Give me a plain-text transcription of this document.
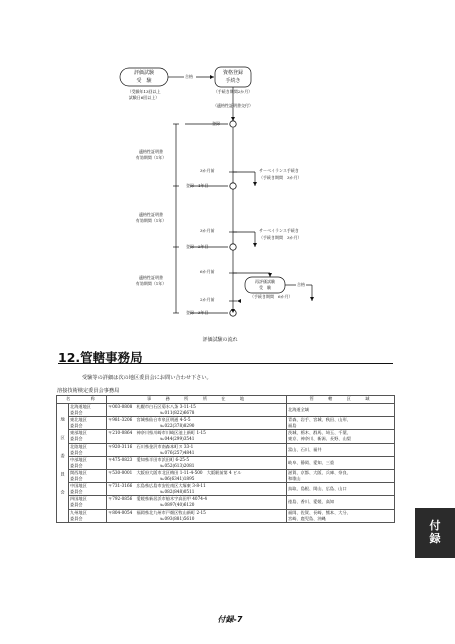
評価試験
受　験
（受験年13回以上
試験日6回以上）
合格
資格登録
手続き
（手続き期間2か月）
（適格性証明書交付）
登録
適格性証明書
有効期間（1年）
適格性証明書
有効期間（1年）
適格性証明書
有効期間（1年）
3か月前
登録　1年目
3か月前
登録　2年目
6か月前
2か月前
登録　3年目
サーベイランス手続き
（手続き期間　3か月）
サーベイランス手続き
（手続き期間　3か月）
再評価試験
受　験
合格
（手続き期間　6か月）
評価試験の流れ
12.管轄事務局
受験等の詳細は次の地区委員会にお問い合わせ下さい。
溶接技術検定委員会事務局
名　　　称		事　　務　　所　　所　　在　　地	管　　轄　　区　　域
地区委員会	北海道地区
委員会	〒003-0808　 札幌市白石区菊水八条 3-11-15
℡011(822)6678	北海道全域

	東北地区
委員会	〒981-3206　 宮城県仙台市泉区明通 4-5-5
℡022(378)8290	青森、岩手、宮城、秋田、山形、
福島

	東部地区
委員会	〒210-0864　 神奈川県川崎市川崎区池上新町 1-15
℡044(299)3541	茨城、栃木、群馬、埼玉、千葉、
東京、神奈川、新潟、長野、山梨

	北陸地区
委員会	〒920-3116　 石川県金沢市南森本町ヌ 33-1
℡076(257)4841	富山、石川、福井

	中部地区
委員会	〒475-0823　 愛知県半田市浜田町 6-25-5
℡052(613)2081	岐阜、静岡、愛知、三重

	関西地区
委員会	〒530-0001　 大阪府大阪市北区梅田 1-11-4-500　大阪駅前第 4 ビル
℡06(6341)1895	滋賀、京都、大阪、兵庫、奈良、
和歌山

	中国地区
委員会	〒731-3166　 広島県広島市安佐南区大塚東 3-8-11
℡082(848)0511	鳥取、島根、岡山、広島、山口

	四国地区
委員会	〒792-0856　 愛媛県新居浜市船木字高田甲 4074-4
℡0897(40)6120	徳島、香川、愛媛、高知

	九州地区
委員会	〒804-0054　 福岡県北九州市戸畑区牧山新町 2-15
℡093(881)5610	福岡、佐賀、長崎、熊本、大分、
宮崎、鹿児島、沖縄
付
録
付録-7
